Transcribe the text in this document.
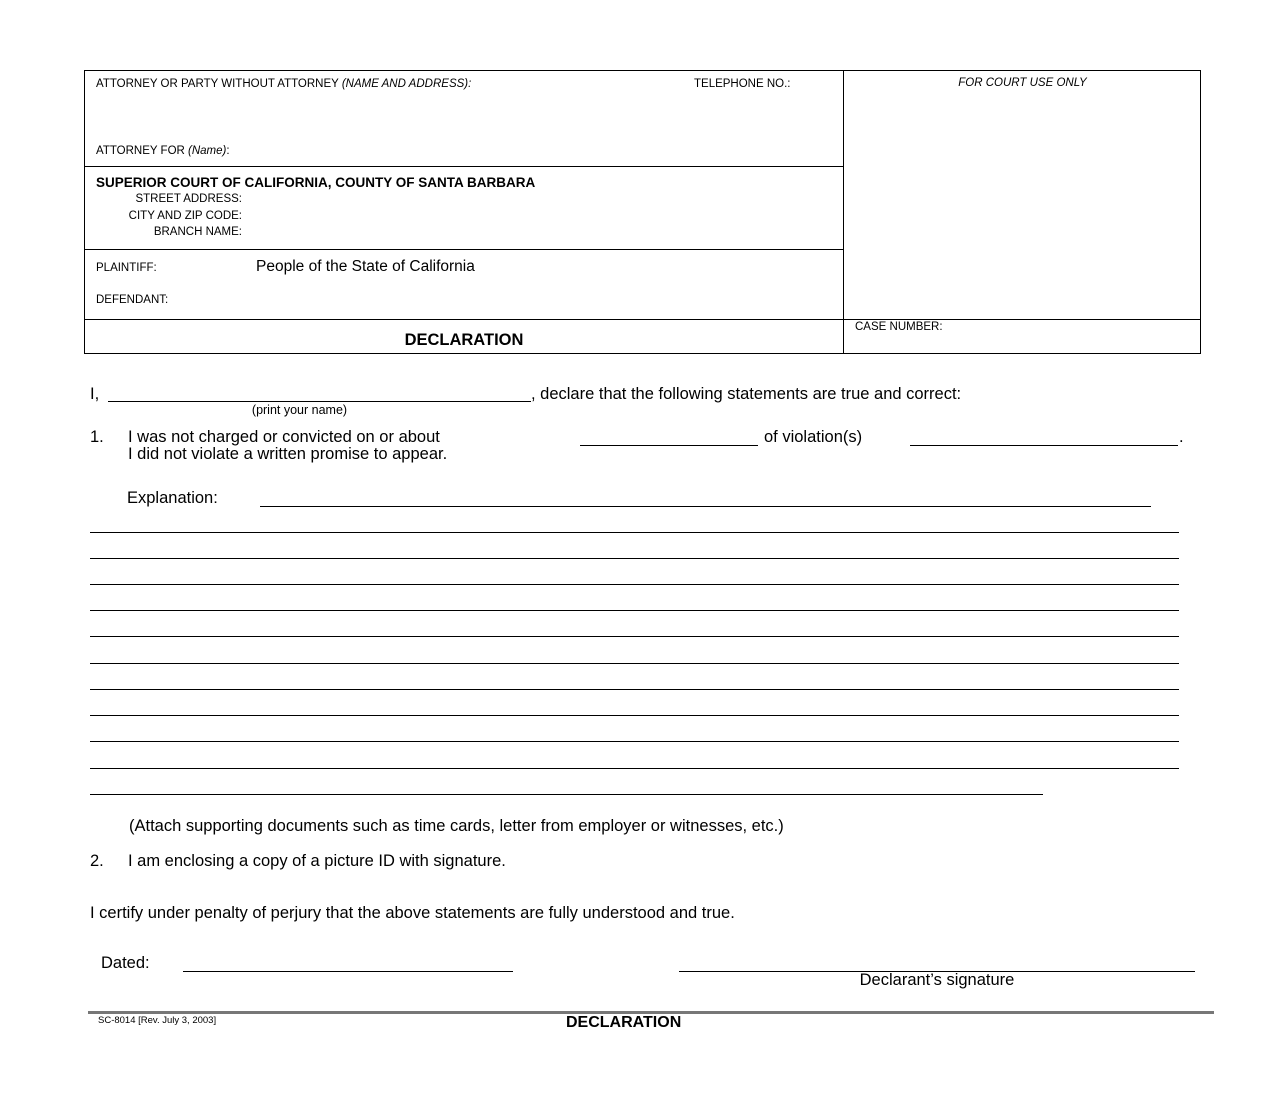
ATTORNEY OR PARTY WITHOUT ATTORNEY (NAME AND ADDRESS):	TELEPHONE NO.:	FOR COURT USE ONLY
ATTORNEY FOR (Name):
SUPERIOR COURT OF CALIFORNIA, COUNTY OF SANTA BARBARA
STREET ADDRESS:
CITY AND ZIP CODE:
BRANCH NAME:
PLAINTIFF:	People of the State of California
DEFENDANT:
DECLARATION
CASE NUMBER:
I,	, declare that the following statements are true and correct:
(print your name)
1. I was not charged or convicted on or about	of violation(s)	.
I did not violate a written promise to appear.
Explanation:
(Attach supporting documents such as time cards, letter from employer or witnesses, etc.)
2. I am enclosing a copy of a picture ID with signature.
I certify under penalty of perjury that the above statements are fully understood and true.
Dated:
Declarant’s signature
SC-8014 [Rev. July 3, 2003]	DECLARATION
